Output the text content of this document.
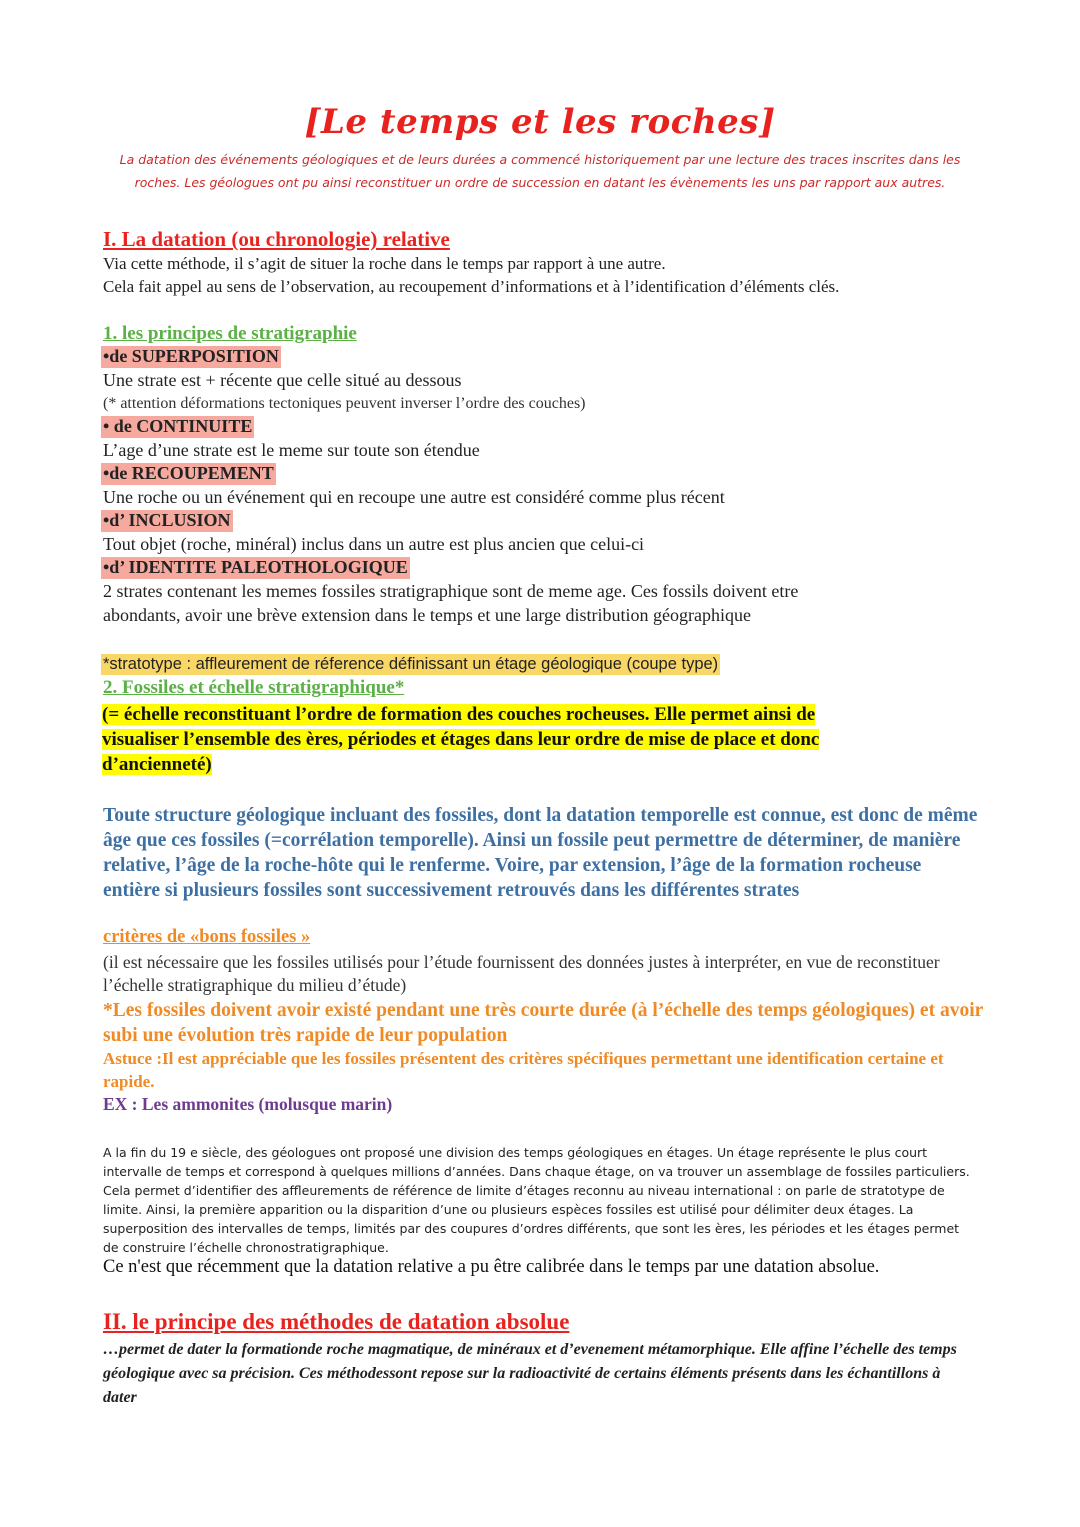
[Le temps et les roches]
La datation des événements géologiques et de leurs durées a commencé historiquement par une lecture des traces inscrites dans les roches. Les géologues ont pu ainsi reconstituer un ordre de succession en datant les évènements les uns par rapport aux autres.
I. La datation (ou chronologie) relative
Via cette méthode, il s’agit de situer la roche dans le temps par rapport à une autre.
Cela fait appel au sens de l’observation, au recoupement d’informations et à l’identification d’éléments clés.
1. les principes de stratigraphie
•de SUPERPOSITION
Une strate est + récente que celle situé au dessous
(* attention déformations tectoniques peuvent inverser l’ordre des couches)
• de CONTINUITE
L’age d’une strate est le meme sur toute son étendue
•de RECOUPEMENT
Une roche ou un événement qui en recoupe une autre est considéré comme plus récent
•d’ INCLUSION
Tout objet (roche, minéral) inclus dans un autre est plus ancien que celui-ci
•d’ IDENTITE PALEOTHOLOGIQUE
2 strates contenant les memes fossiles stratigraphique sont de meme age. Ces fossils doivent etre
abondants, avoir une brève extension dans le temps et une large distribution géographique
*stratotype : affleurement de réference définissant un étage géologique (coupe type)
2. Fossiles et échelle stratigraphique*
(= échelle reconstituant l’ordre de formation des couches rocheuses. Elle permet ainsi de
visualiser l’ensemble des ères, périodes et étages dans leur ordre de mise de place et donc
d’ancienneté)
Toute structure géologique incluant des fossiles, dont la datation temporelle est connue, est donc de même âge que ces fossiles (=corrélation temporelle). Ainsi un fossile peut permettre de déterminer, de manière relative, l’âge de la roche-hôte qui le renferme. Voire, par extension, l’âge de la formation rocheuse entière si plusieurs fossiles sont successivement retrouvés dans les différentes strates
critères de «bons fossiles »
(il est nécessaire que les fossiles utilisés pour l’étude fournissent des données justes à interpréter, en vue de reconstituer l’échelle stratigraphique du milieu d’étude)
*Les fossiles doivent avoir existé pendant une très courte durée (à l’échelle des temps géologiques) et avoir subi une évolution très rapide de leur population
Astuce :Il est appréciable que les fossiles présentent des critères spécifiques permettant une identification certaine et rapide.
EX : Les ammonites (molusque marin)
A la fin du 19 e siècle, des géologues ont proposé une division des temps géologiques en étages. Un étage représente le plus court intervalle de temps et correspond à quelques millions d’années. Dans chaque étage, on va trouver un assemblage de fossiles particuliers. Cela permet d’identifier des affleurements de référence de limite d’étages reconnu au niveau international : on parle de stratotype de limite. Ainsi, la première apparition ou la disparition d’une ou plusieurs espèces fossiles est utilisé pour délimiter deux étages. La superposition des intervalles de temps, limités par des coupures d’ordres différents, que sont les ères, les périodes et les étages permet de construire l’échelle chronostratigraphique.
Ce n'est que récemment que la datation relative a pu être calibrée dans le temps par une datation absolue.
II. le principe des méthodes de datation absolue
…permet de dater la formationde roche magmatique, de minéraux et d’evenement métamorphique. Elle affine l’échelle des temps géologique avec sa précision. Ces méthodessont repose sur la radioactivité de certains éléments présents dans les échantillons à dater
